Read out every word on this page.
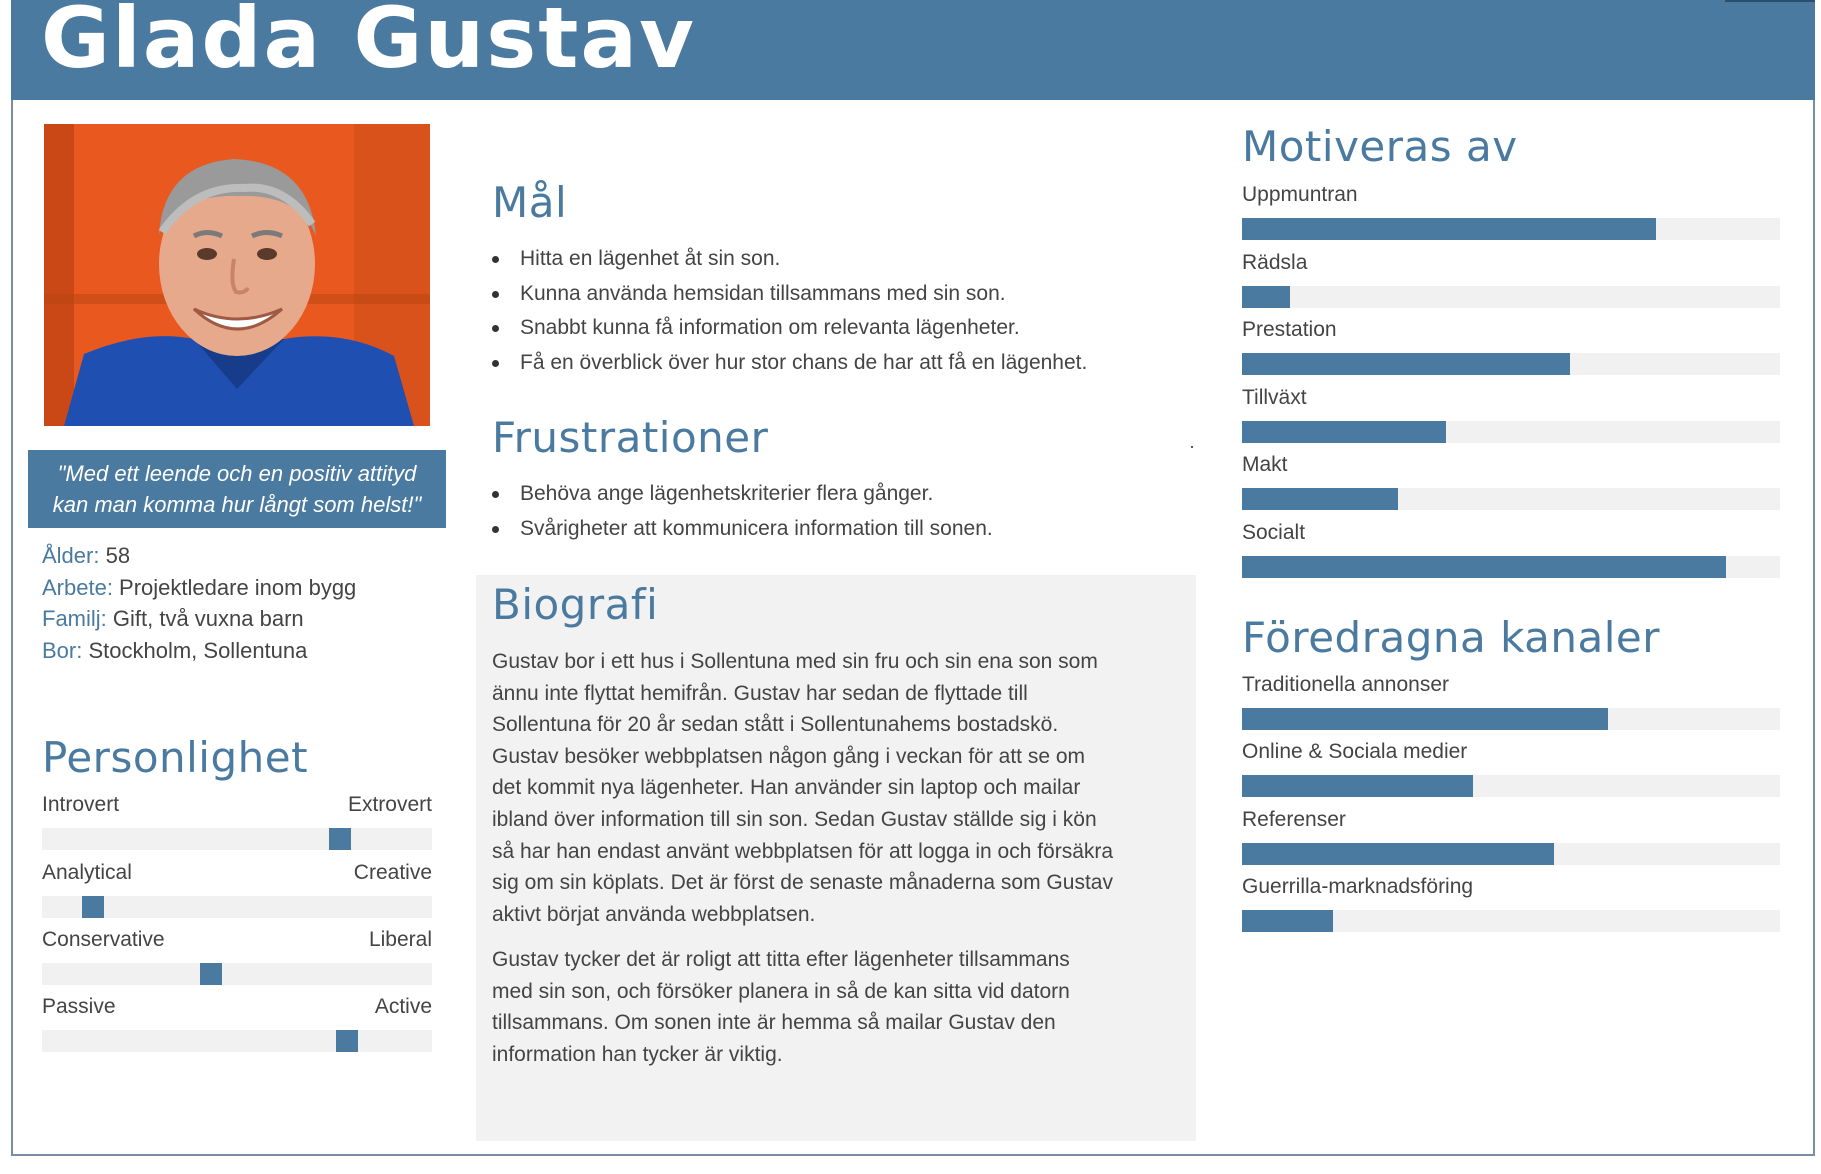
Glada Gustav
"Med ett leende och en positiv attityd kan man komma hur långt som helst!"
Ålder: 58
Arbete: Projektledare inom bygg
Familj: Gift, två vuxna barn
Bor: Stockholm, Sollentuna
Personlighet
Introvert	Extrovert
Analytical	Creative
Conservative	Liberal
Passive	Active
Mål
Hitta en lägenhet åt sin son.
Kunna använda hemsidan tillsammans med sin son.
Snabbt kunna få information om relevanta lägenheter.
Få en överblick över hur stor chans de har att få en lägenhet.
Frustrationer
Behöva ange lägenhetskriterier flera gånger.
Svårigheter att kommunicera information till sonen.
Biografi
Gustav bor i ett hus i Sollentuna med sin fru och sin ena son som
ännu inte flyttat hemifrån. Gustav har sedan de flyttade till
Sollentuna för 20 år sedan stått i Sollentunahems bostadskö.
Gustav besöker webbplatsen någon gång i veckan för att se om
det kommit nya lägenheter. Han använder sin laptop och mailar
ibland över information till sin son. Sedan Gustav ställde sig i kön
så har han endast använt webbplatsen för att logga in och försäkra
sig om sin köplats. Det är först de senaste månaderna som Gustav
aktivt börjat använda webbplatsen.
Gustav tycker det är roligt att titta efter lägenheter tillsammans
med sin son, och försöker planera in så de kan sitta vid datorn
tillsammans. Om sonen inte är hemma så mailar Gustav den
information han tycker är viktig.
Motiveras av
Uppmuntran
Rädsla
Prestation
Tillväxt
Makt
Socialt
Föredragna kanaler
Traditionella annonser
Online & Sociala medier
Referenser
Guerrilla-marknadsföring
